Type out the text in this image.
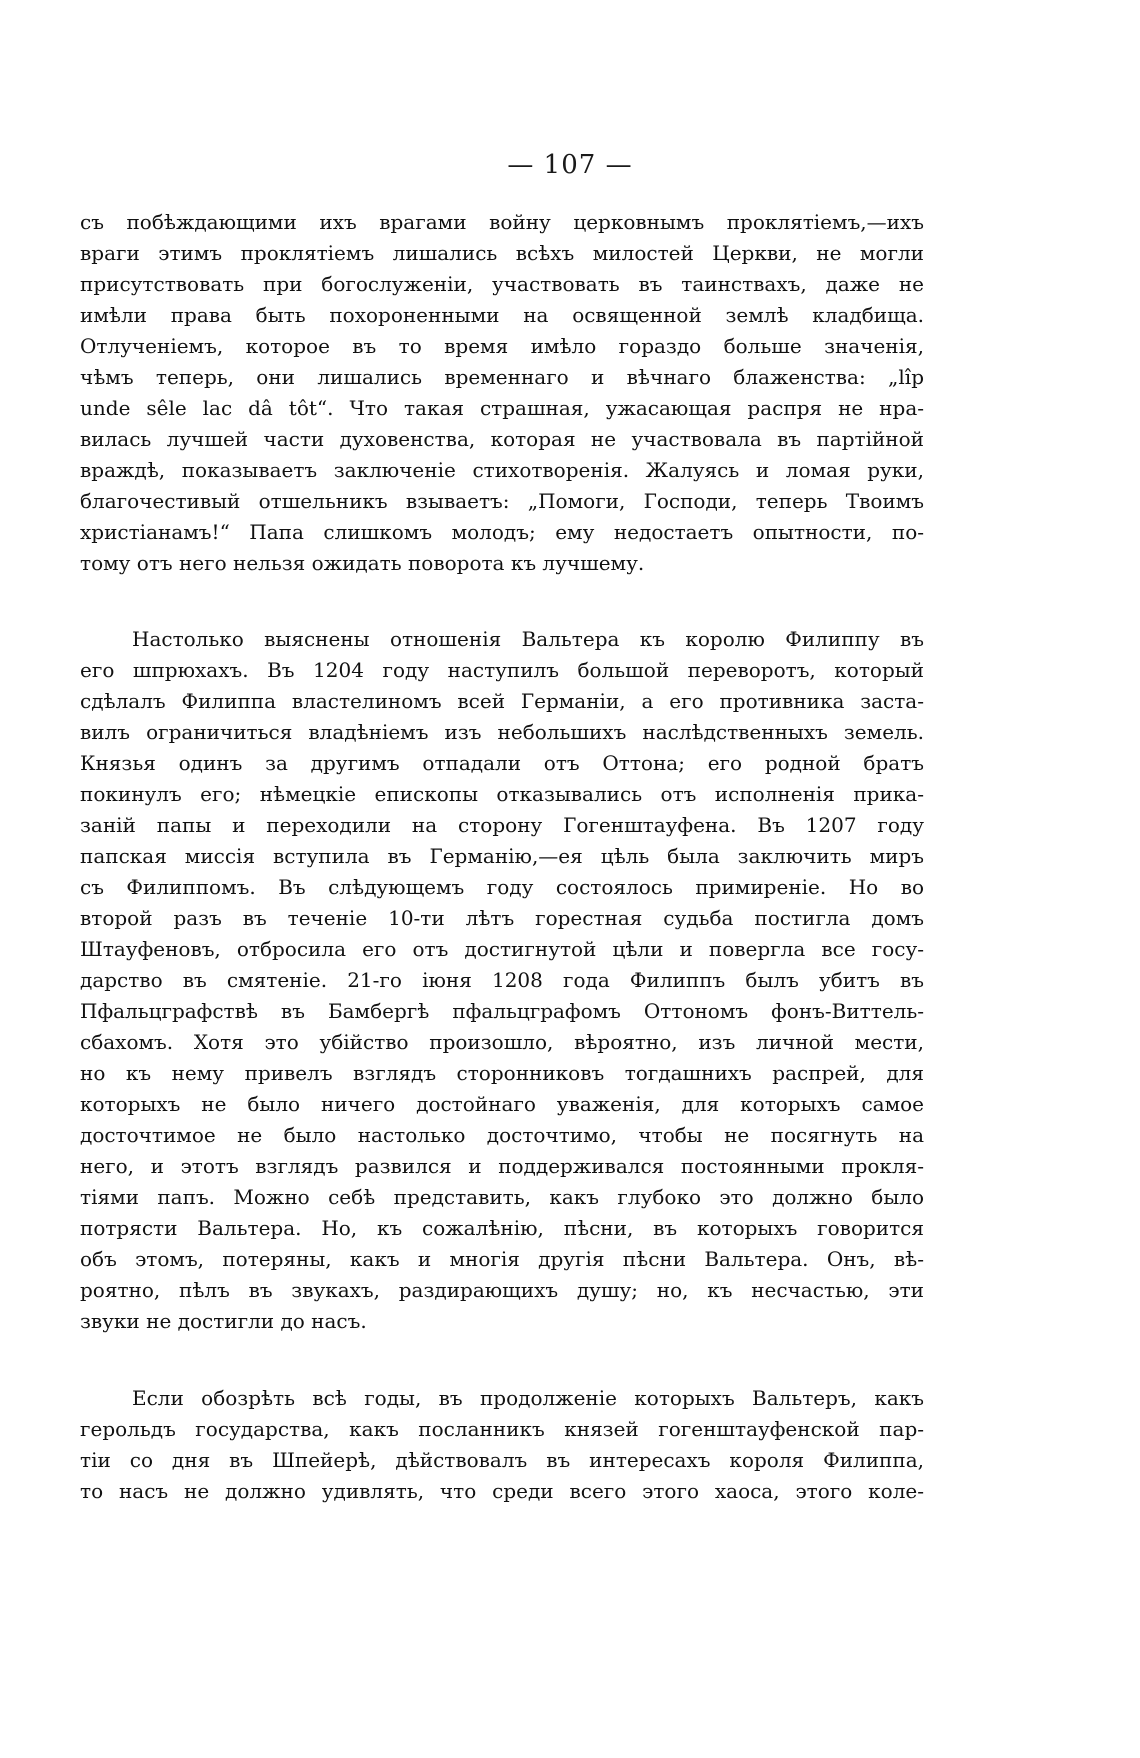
— 107 —
съ побѣждающими ихъ врагами войну церковнымъ проклятіемъ,—ихъ
враги этимъ проклятіемъ лишались всѣхъ милостей Церкви, не могли
присутствовать при богослуженіи, участвовать въ таинствахъ, даже не
имѣли права быть похороненными на освященной землѣ кладбища.
Отлученіемъ, которое въ то время имѣло гораздо больше значенія,
чѣмъ теперь, они лишались временнаго и вѣчнаго блаженства: „lîp
unde sêle lac dâ tôt“. Что такая страшная, ужасающая распря не нра-
вилась лучшей части духовенства, которая не участвовала въ партійной
враждѣ, показываетъ заключеніе стихотворенія. Жалуясь и ломая руки,
благочестивый отшельникъ взываетъ: „Помоги, Господи, теперь Твоимъ
христіанамъ!“ Папа слишкомъ молодъ; ему недостаетъ опытности, по-
тому отъ него нельзя ожидать поворота къ лучшему.
Настолько выяснены отношенія Вальтера къ королю Филиппу въ
его шпрюхахъ. Въ 1204 году наступилъ большой переворотъ, который
сдѣлалъ Филиппа властелиномъ всей Германіи, а его противника заста-
вилъ ограничиться владѣніемъ изъ небольшихъ наслѣдственныхъ земель.
Князья одинъ за другимъ отпадали отъ Оттона; его родной братъ
покинулъ его; нѣмецкіе епископы отказывались отъ исполненія прика-
заній папы и переходили на сторону Гогенштауфена. Въ 1207 году
папская миссія вступила въ Германію,—ея цѣль была заключить миръ
съ Филиппомъ. Въ слѣдующемъ году состоялось примиреніе. Но во
второй разъ въ теченіе 10-ти лѣтъ горестная судьба постигла домъ
Штауфеновъ, отбросила его отъ достигнутой цѣли и повергла все госу-
дарство въ смятеніе. 21-го іюня 1208 года Филиппъ былъ убитъ въ
Пфальцграфствѣ въ Бамбергѣ пфальцграфомъ Оттономъ фонъ-Виттель-
сбахомъ. Хотя это убійство произошло, вѣроятно, изъ личной мести,
но къ нему привелъ взглядъ сторонниковъ тогдашнихъ распрей, для
которыхъ не было ничего достойнаго уваженія, для которыхъ самое
досточтимое не было настолько досточтимо, чтобы не посягнуть на
него, и этотъ взглядъ развился и поддерживался постоянными прокля-
тіями папъ. Можно себѣ представить, какъ глубоко это должно было
потрясти Вальтера. Но, къ сожалѣнію, пѣсни, въ которыхъ говорится
объ этомъ, потеряны, какъ и многія другія пѣсни Вальтера. Онъ, вѣ-
роятно, пѣлъ въ звукахъ, раздирающихъ душу; но, къ несчастью, эти
звуки не достигли до насъ.
Если обозрѣть всѣ годы, въ продолженіе которыхъ Вальтеръ, какъ
герольдъ государства, какъ посланникъ князей гогенштауфенской пар-
тіи со дня въ Шпейерѣ, дѣйствовалъ въ интересахъ короля Филиппа,
то насъ не должно удивлять, что среди всего этого хаоса, этого коле-
